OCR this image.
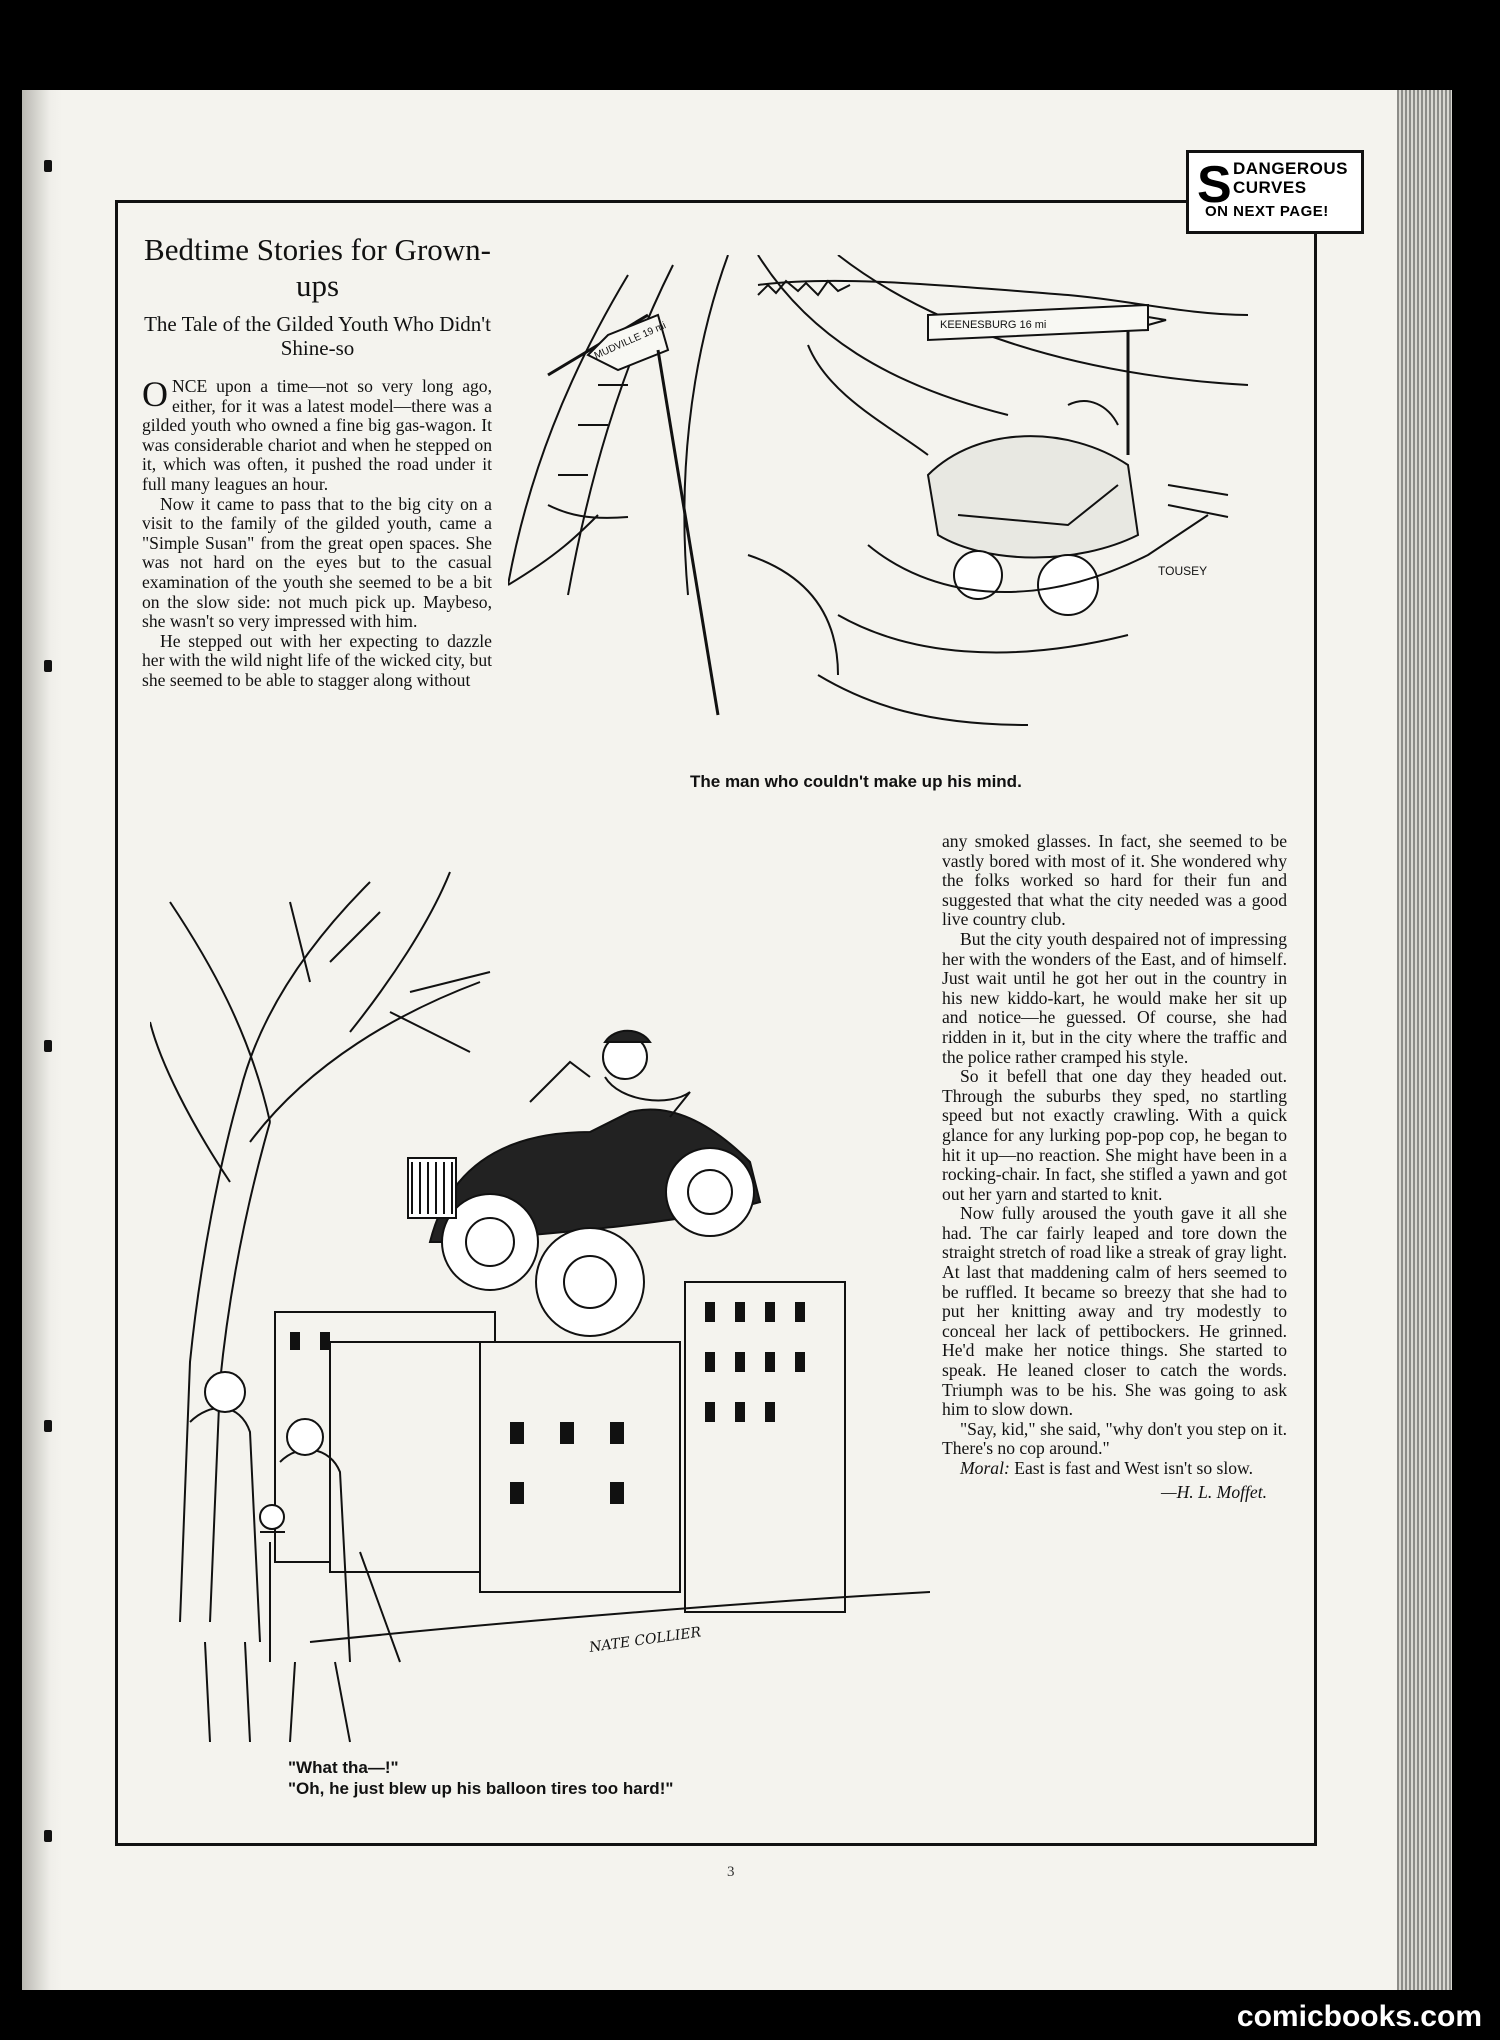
S DANGEROUS
CURVES
ON NEXT PAGE!
Bedtime Stories for Grown-ups
The Tale of the Gilded Youth Who Didn't Shine-so

ONCE upon a time—not so very long ago, either, for it was a latest model—there was a gilded youth who owned a fine big gas-wagon. It was considerable chariot and when he stepped on it, which was often, it pushed the road under it full many leagues an hour.

Now it came to pass that to the big city on a visit to the family of the gilded youth, came a "Simple Susan" from the great open spaces. She was not hard on the eyes but to the casual examination of the youth she seemed to be a bit on the slow side: not much pick up. Maybeso, she wasn't so very impressed with him.

He stepped out with her expecting to dazzle her with the wild night life of the wicked city, but she seemed to be able to stagger along without

any smoked glasses. In fact, she seemed to be vastly bored with most of it. She wondered why the folks worked so hard for their fun and suggested that what the city needed was a good live country club.

But the city youth despaired not of impressing her with the wonders of the East, and of himself. Just wait until he got her out in the country in his new kiddo-kart, he would make her sit up and notice—he guessed. Of course, she had ridden in it, but in the city where the traffic and the police rather cramped his style.

So it befell that one day they headed out. Through the suburbs they sped, no startling speed but not exactly crawling. With a quick glance for any lurking pop-pop cop, he began to hit it up—no reaction. She might have been in a rocking-chair. In fact, she stifled a yawn and got out her yarn and started to knit.

Now fully aroused the youth gave it all she had. The car fairly leaped and tore down the straight stretch of road like a streak of gray light. At last that maddening calm of hers seemed to be ruffled. It became so breezy that she had to put her knitting away and try modestly to conceal her lack of pettibockers. He grinned. He'd make her notice things. She started to speak. He leaned closer to catch the words. Triumph was to be his. She was going to ask him to slow down.

"Say, kid," she said, "why don't you step on it. There's no cop around."

Moral: East is fast and West isn't so slow.

—H. L. Moffet.
TOUSEY
KEENESBURG 16 mi
MUDVILLE 19 mi
The man who couldn't make up his mind.
NATE COLLIER
"What tha—!"
"Oh, he just blew up his balloon tires too hard!"
3
comicbooks.com
